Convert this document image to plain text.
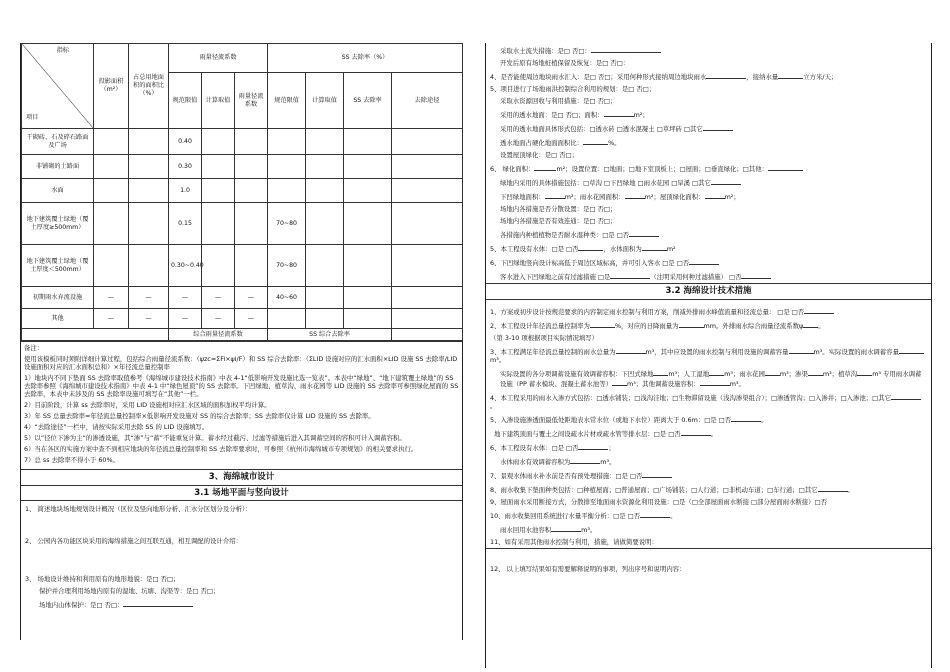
指标
项目	投影面积（m²）	占总用地面积的面积比（%）	雨量径流系数			SS 去除率（%）			
			规范限值	计算取值	雨量径流系数	规范限值	计算取值	SS 去除率	去除途径
干砌砖、石及碎石路面及广场			0.40						
非铺砌的土路面			0.30						
水面			1.0						
地下建筑覆土绿地（覆土厚度≥500mm）			0.15			70~80			
地下建筑覆土绿地（覆土厚度＜500mm）			0.30~0.40			70~80			
初期雨水弃流设施	—	—	—	—	—	40~60			
其他	—	—	—	—	—				
			综合雨量径流系数			SS 综合去除率			

备注：

使用该模板同时须附详细计算过程，包括综合雨量径流系数：（ψzc=ΣFi×ψi/F）和 SS 综合去除率：（ΣLID 设施对应的汇水面积×LID 设施 SS 去除率/LID 设施面积对应的汇水面积总和）×年径流总量控制率

1）地块内不同下垫面 SS 去除率取值参考《海绵城市建设技术指南》中表 4-1“低影响开发设施比选一览表”。本表中“绿地”、“地下建筑覆土绿地”的 SS 去除率参照《海绵城市建设技术指南》中表 4-1 中“绿色屋顶”的 SS 去除率。下凹绿地、植草沟、雨水花园等 LID 设施的 SS 去除率可参照绿化屋面的 SS 去除率，本表中未涉及的 SS 去除率设施可填写在“其他”一栏。

2）目前阶段，计算 ss 去除率时，采用 LID 设施相对应汇水区域的面积加权平均计算。

3）年 SS 总量去除率=年径流总量控制率×低影响开发设施对 SS 的综合去除率；SS 去除率仅计算 LID 设施的 SS 去除率。

4）“去除途径”一栏中，请按实际采用去除 SS 的 LID 设施填写。

5）以“径位下渗为主”的渗透设施，其“渗”与“蓄”不能重复计算。蓄水经过截污、过滤等措施后进入其调蓄空间的容积可计入调蓄容积。

6）当在各区的实施方案中查不到相应地块的年径流总量控制率和 SS 去除率要求时，可参照《杭州市海绵城市专项规划》的相关要求执行。

7）总 ss 去除率不得小于 60%。

3、海绵城市设计
3.1 场地平面与竖向设计

1、 简述地块场地规划设计概况（区位及竖向地形分析、汇水分区划分及分析）：

2、 公园内各功能区块采用的海绵措施之间互联互通，相互调配的设计介绍：

3、 场地设计维持和利用原有的地形地貌：是□ 否□；

保护并合理利用场地内原有的湿地、坑塘、沟渠等：是□ 否□；

场地内山体保护：是□ 否□：

采取水土流失措施：是□ 否□：

开发后原有场地桩植保留及恢复：是□ 否□：

4、是否能使周边地块雨水汇入：是□ 否□；采用何种形式接纳周边地块雨水	，接纳水量	立方米/天；

5、项目进行了场地雨洪控制综合利用的规划：是□ 否□；

采取水资源回收与利用措施：是□ 否□；

采用的透水地面：是□ 否□；面积：	m²；

采用的透水地面具体形式包括：□透水砖 □透水混凝土 □草坪砖 □其它

透水地面占硬化地面面积比：	%。

设置屋顶绿化：是□ 否□；

6、 绿化面积：	m²；设置位置：□地面；□地下室顶板上；□屋面；□垂直绿化；□其他：

绿地内采用的具体措施包括：□草沟 □下凹绿地 □雨水花园 □旱溪 □其它

下凹绿地面积：	m²；雨水花园面积：	m²；屋顶绿化面积：	m²；

场地内各措施是否分散设置：是□ 否□；

场地内各措施是否有效连通：是□ 否□；

各措施内种植植物是否耐水湿种类：□是 □否

5、本工程设有水体：□是 □否	，水体面积为	m²

6、下凹绿地竖向设计标高低于周边区域标高，并可引入客水 □是 □否

客水进入下凹绿地之前有过滤措施 □是	（注明采用何种过滤措施） □否

3.2 海绵设计技术措施

1、方案或初步设计按规范要求的内容制定雨水控制与利用方案，削减外排雨水峰值流量和径流总量： □是 □否

2、本工程设计年径流总量控制率为	%，对应的日降雨量为	mm。外排雨水综合雨量径流系数ψ 。

（第 3-10 项根据项目实际情况填写）

3、本工程满足年径流总量控制的雨水总量为	m³，其中应设置的雨水控制与利用设施的调蓄容量	m³。实际设置的雨水调蓄容量m³。

实际设置的各分项调蓄设施有效调蓄容积：下凹式绿地 m³；人工湿地 m³；雨水花园 m³；渗渠 m³；植草沟 m³ 专用雨水调蓄设施（PP 蓄水模块、混凝土蓄水池等） m³；其他调蓄设施容积：	m³。

4、本工程采用的雨水入渗方式包括：□透水铺装；□浅沟洼地；□生物滞留设施（浅沟渗渠组合）；□渗透管沟；□入渗井；□入渗池；□其它。

5、入渗设施渗透面最低处距地表水常水位（或地下水位）距离大于 0.6m：□是 □否	。

地下建筑顶面与覆土之间设疏水片材或疏水管等排水层：□是 □否	。

6、本工程设有水体：□是 □否	；

水体雨水有效调蓄容积为	m³。

7、景观水体雨水补水前是否有预处理措施：□是 □否

8、雨水收集下垫面种类包括：□种植屋面；□普通屋面；□广场铺装；□人行道；□非机动车道；□车行道；□其它	。

9、屋面雨水采用断接方式，分散排至地面雨水资源化利用设施：□是（□全部屋面雨水断接 □部分屋面雨水断接）□否

10、雨水收集回用系统进行水量平衡分析：□是 □否	。

雨水回用水池容积	m³。

11、如有采用其他雨水控制与利用，措施，请做简要说明：

12、 以上填写结果如有需要解释说明的事项，列出序号和说明内容：
